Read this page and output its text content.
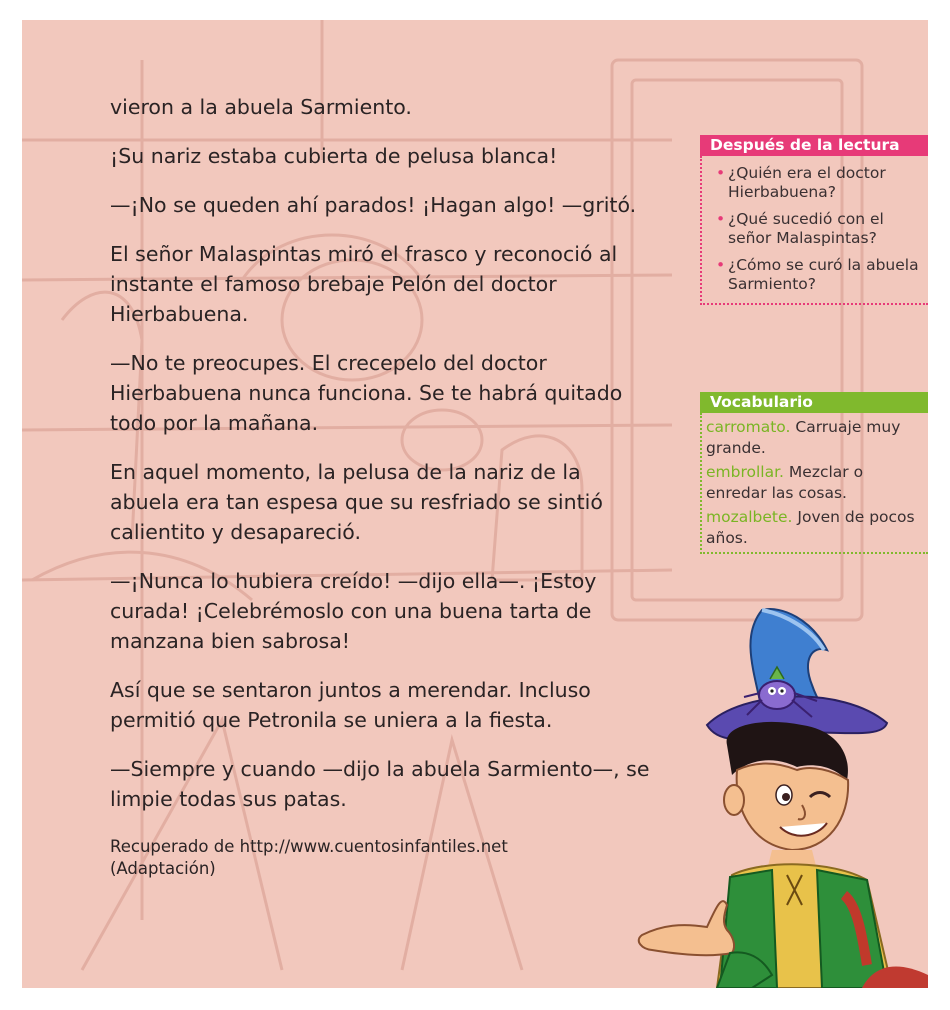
vieron a la abuela Sarmiento.

¡Su nariz estaba cubierta de pelusa blanca!

—¡No se queden ahí parados! ¡Hagan algo! —gritó.

El señor Malaspintas miró el frasco y reconoció al instante el famoso brebaje Pelón del doctor Hierbabuena.

—No te preocupes. El crecepelo del doctor Hierbabuena nunca funciona. Se te habrá quitado todo por la mañana.

En aquel momento, la pelusa de la nariz de la abuela era tan espesa que su resfriado se sintió calientito y desapareció.

—¡Nunca lo hubiera creído! —dijo ella—. ¡Estoy curada! ¡Celebrémoslo con una buena tarta de manzana bien sabrosa!

Así que se sentaron juntos a merendar. Incluso permitió que Petronila se uniera a la fiesta.

—Siempre y cuando —dijo la abuela Sarmiento—, se limpie todas sus patas.

Recuperado de http://www.cuentosinfantiles.net
(Adaptación)
Después de la lectura
• ¿Quién era el doctor Hierbabuena?
• ¿Qué sucedió con el señor Malaspintas?
• ¿Cómo se curó la abuela Sarmiento?
Vocabulario
carromato. Carruaje muy grande.
embrollar. Mezclar o enredar las cosas.
mozalbete. Joven de pocos años.
